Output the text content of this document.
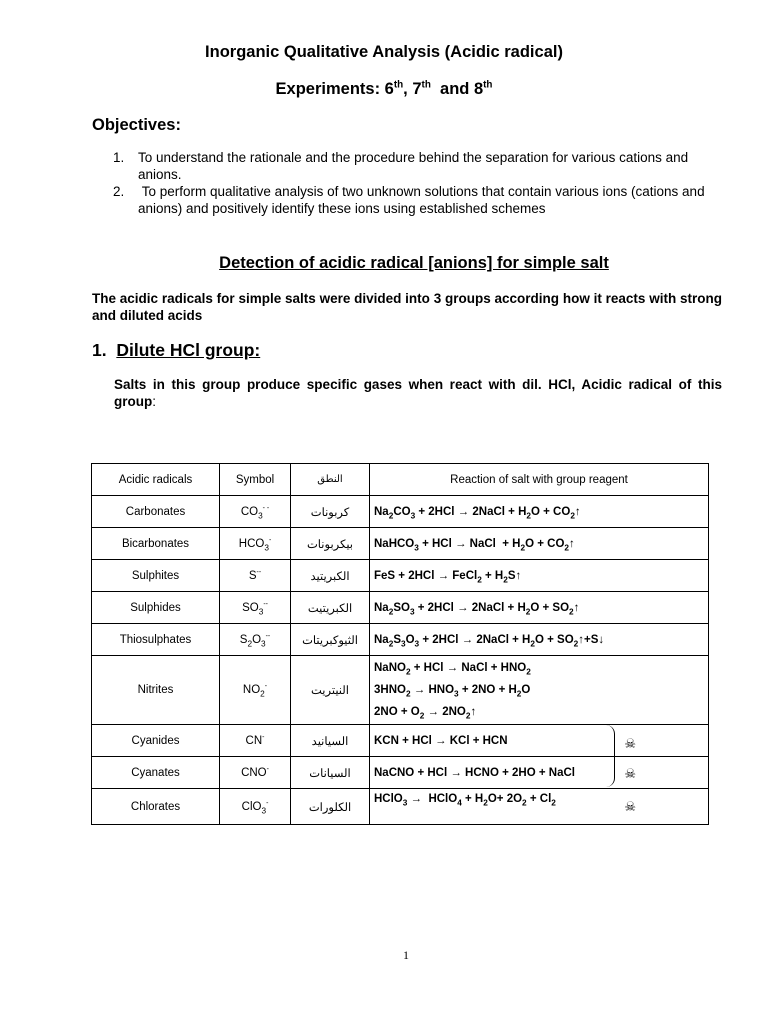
Inorganic Qualitative Analysis (Acidic radical)
Experiments: 6th, 7th  and 8th
Objectives:
1.	To understand the rationale and the procedure behind the separation for various cations and anions.
2.	To perform qualitative analysis of two unknown solutions that contain various ions (cations and anions) and positively identify these ions using established schemes
Detection of acidic radical [anions] for simple salt
The acidic radicals for simple salts were divided into 3 groups according how it reacts with strong and diluted acids
1. Dilute HCl group:
Salts in this group produce specific gases when react with dil. HCl, Acidic radical of this group:
Acidic radicals	Symbol	النطق	Reaction of salt with group reagent
Carbonates	$CO_3^{- -}$	كربونات	$Na_2CO_3 + 2HCl$ → 2NaCl + $H_2O$ + $CO_2↑$
Bicarbonates	$HCO_3^-$	بيكربونات	NaHCO$_3$ + HCl → NaCl  + $H_2O$ + $CO_2↑$
Sulphites	S--	الكبريتيد	FeS + 2HCl → FeCl$_2$ + $H_2S↑$
Sulphides	$SO_3^{--}$	الكبريتيت	$Na_2SO_3 + 2HCl$ → 2NaCl + $H_2O$ + $SO_2↑$
Thiosulphates	$S_2O_3^{--}$	الثيوكبريتات	$Na_2S_3O_3 + 2HCl$ → 2NaCl + $H_2O$ + $SO_2↑+S↓$
Nitrites	$NO_2^-$	النيتريت	NaNO$_2$ + HCl → NaCl + $HNO_2$
$3HNO_2 \to HNO_3 + 2NO + H_2O$
$2NO + O_2$ → $2NO_2↑$

Cyanides	CN-	السيانيد	KCN + HCl → KCl + HCN ☠

Cyanates	CNO-	السيانات	NaCNO + HCl → HCNO + 2HO + NaCl ☠

Chlorates	ClO$_3$-	الكلورات	HClO$_3$ →  HClO$_4$ + $H_2O+ 2O_2 + Cl_2$ ☠
1
